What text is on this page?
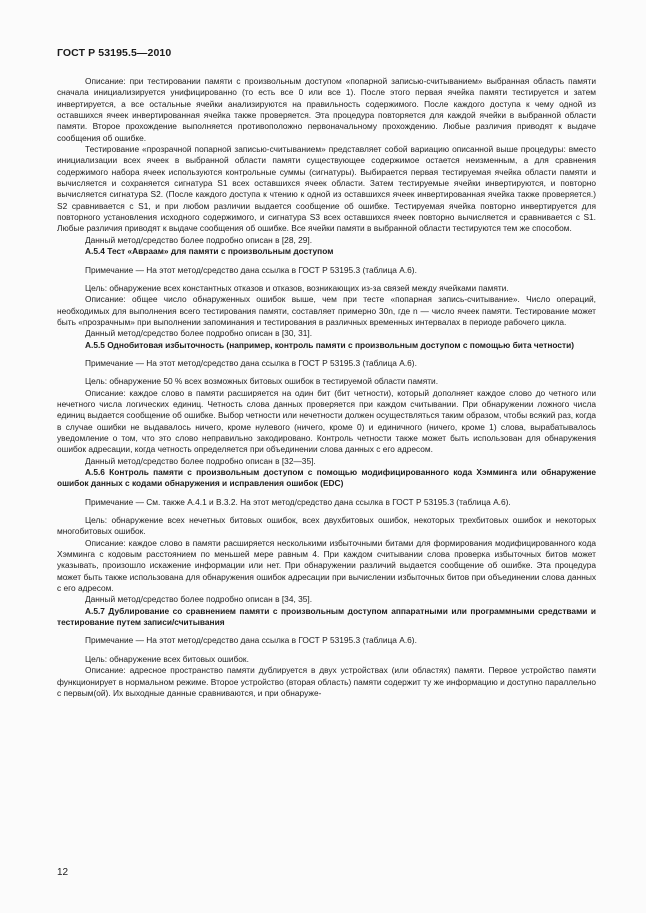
ГОСТ Р 53195.5—2010

Описание: при тестировании памяти с произвольным доступом «попарной записью-считыванием» выбранная область памяти сначала инициализируется унифицированно (то есть все 0 или все 1). После этого первая ячейка памяти тестируется и затем инвертируется, а все остальные ячейки анализируются на правильность содержимого. После каждого доступа к чему одной из оставшихся ячеек инвертированная ячейка также проверяется. Эта процедура повторяется для каждой ячейки в выбранной области памяти. Второе прохождение выполняется противоположно первоначальному прохождению. Любые различия приводят к выдаче сообщения об ошибке.

Тестирование «прозрачной попарной записью-считыванием» представляет собой вариацию описанной выше процедуры: вместо инициализации всех ячеек в выбранной области памяти существующее содержимое остается неизменным, а для сравнения содержимого набора ячеек используются контрольные суммы (сигнатуры). Выбирается первая тестируемая ячейка области памяти и вычисляется и сохраняется сигнатура S1 всех оставшихся ячеек области. Затем тестируемые ячейки инвертируются, и повторно вычисляется сигнатура S2. (После каждого доступа к чтению к одной из оставшихся ячеек инвертированная ячейка также проверяется.) S2 сравнивается с S1, и при любом различии выдается сообщение об ошибке. Тестируемая ячейка повторно инвертируется для повторного установления исходного содержимого, и сигнатура S3 всех оставшихся ячеек повторно вычисляется и сравнивается с S1. Любые различия приводят к выдаче сообщения об ошибке. Все ячейки памяти в выбранной области тестируются тем же способом.

Данный метод/средство более подробно описан в [28, 29].

А.5.4 Тест «Авраам» для памяти с произвольным доступом

Примечание — На этот метод/средство дана ссылка в ГОСТ Р 53195.3 (таблица А.6).

Цель: обнаружение всех константных отказов и отказов, возникающих из-за связей между ячейками памяти.

Описание: общее число обнаруженных ошибок выше, чем при тесте «попарная запись-считывание». Число операций, необходимых для выполнения всего тестирования памяти, составляет примерно 30n, где n — число ячеек памяти. Тестирование может быть «прозрачным» при выполнении запоминания и тестирования в различных временных интервалах в периоде рабочего цикла.

Данный метод/средство более подробно описан в [30, 31].

А.5.5 Однобитовая избыточность (например, контроль памяти с произвольным доступом с помощью бита четности)

Примечание — На этот метод/средство дана ссылка в ГОСТ Р 53195.3 (таблица А.6).

Цель: обнаружение 50 % всех возможных битовых ошибок в тестируемой области памяти.

Описание: каждое слово в памяти расширяется на один бит (бит четности), который дополняет каждое слово до четного или нечетного числа логических единиц. Четность слова данных проверяется при каждом считывании. При обнаружении ложного числа единиц выдается сообщение об ошибке. Выбор четности или нечетности должен осуществляться таким образом, чтобы всякий раз, когда в случае ошибки не выдавалось ничего, кроме нулевого (ничего, кроме 0) и единичного (ничего, кроме 1) слова, вырабатывалось уведомление о том, что это слово неправильно закодировано. Контроль четности также может быть использован для обнаружения ошибок адресации, когда четность определяется при объединении слова данных с его адресом.

Данный метод/средство более подробно описан в [32—35].

А.5.6 Контроль памяти с произвольным доступом с помощью модифицированного кода Хэмминга или обнаружение ошибок данных с кодами обнаружения и исправления ошибок (EDC)

Примечание — См. также А.4.1 и В.3.2. На этот метод/средство дана ссылка в ГОСТ Р 53195.3 (таблица А.6).

Цель: обнаружение всех нечетных битовых ошибок, всех двухбитовых ошибок, некоторых трехбитовых ошибок и некоторых многобитовых ошибок.

Описание: каждое слово в памяти расширяется несколькими избыточными битами для формирования модифицированного кода Хэмминга с кодовым расстоянием по меньшей мере равным 4. При каждом считывании слова проверка избыточных битов может указывать, произошло искажение информации или нет. При обнаружении различий выдается сообщение об ошибке. Эта процедура может быть также использована для обнаружения ошибок адресации при вычислении избыточных битов при объединении слова данных с его адресом.

Данный метод/средство более подробно описан в [34, 35].

А.5.7 Дублирование со сравнением памяти с произвольным доступом аппаратными или программными средствами и тестирование путем записи/считывания

Примечание — На этот метод/средство дана ссылка в ГОСТ Р 53195.3 (таблица А.6).

Цель: обнаружение всех битовых ошибок.

Описание: адресное пространство памяти дублируется в двух устройствах (или областях) памяти. Первое устройство памяти функционирует в нормальном режиме. Второе устройство (вторая область) памяти содержит ту же информацию и доступно параллельно с первым(ой). Их выходные данные сравниваются, и при обнаруже-

12
